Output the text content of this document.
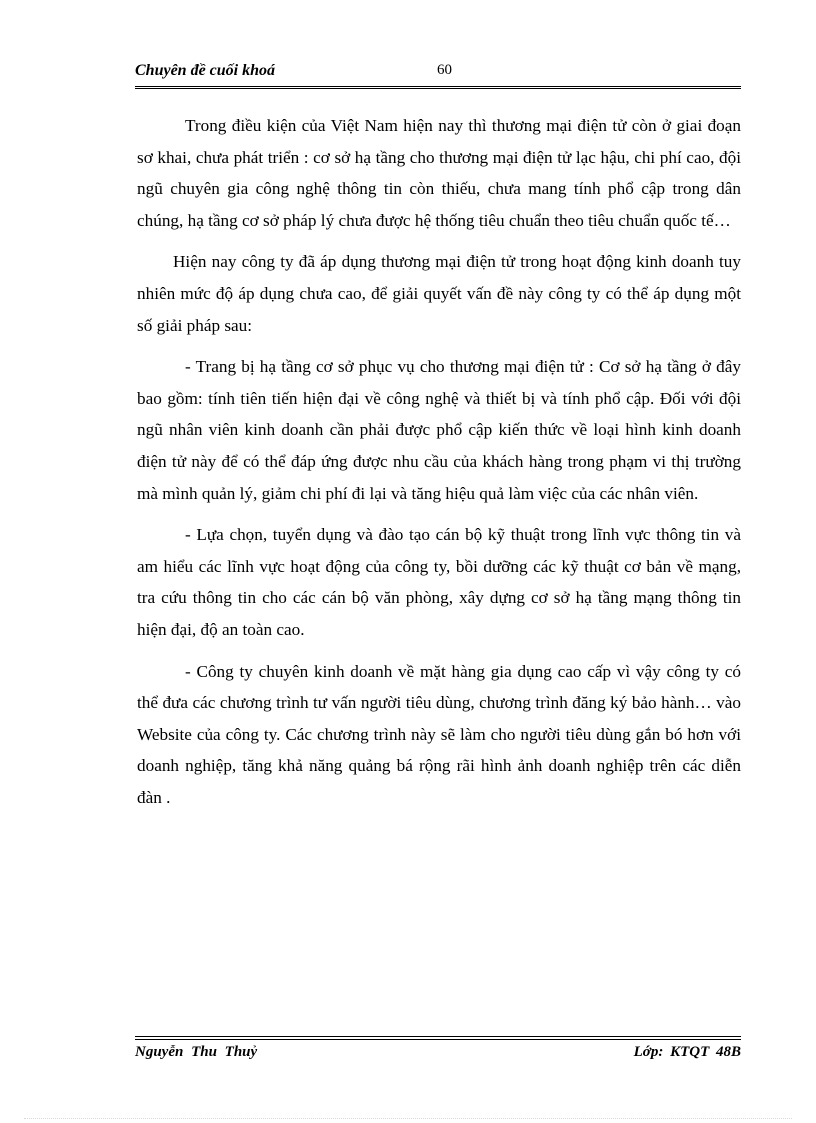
Chuyên đề cuối khoá	60

Trong điều kiện của Việt Nam hiện nay thì thương mại điện tử còn ở giai đoạn sơ khai, chưa phát triển : cơ sở hạ tầng cho thương mại điện tử lạc hậu, chi phí cao, đội ngũ chuyên gia công nghệ thông tin còn thiếu, chưa mang tính phổ cập trong dân chúng, hạ tầng cơ sở pháp lý chưa được hệ thống tiêu chuẩn theo tiêu chuẩn quốc tế…

Hiện nay công ty đã áp dụng thương mại điện tử trong hoạt động kinh doanh tuy nhiên mức độ áp dụng chưa cao, để giải quyết vấn đề này công ty có thể áp dụng một số giải pháp sau:

- Trang bị hạ tầng cơ sở phục vụ cho thương mại điện tử : Cơ sở hạ tầng ở đây bao gồm: tính tiên tiến hiện đại về công nghệ và thiết bị và tính phổ cập. Đối với đội ngũ nhân viên kinh doanh cần phải được phổ cập kiến thức về loại hình kinh doanh điện tử này để có thể đáp ứng được nhu cầu của khách hàng trong phạm vi thị trường mà mình quản lý, giảm chi phí đi lại và tăng hiệu quả làm việc của các nhân viên.

- Lựa chọn, tuyển dụng và đào tạo cán bộ kỹ thuật trong lĩnh vực thông tin và am hiểu các lĩnh vực hoạt động của công ty, bồi dưỡng các kỹ thuật cơ bản về mạng, tra cứu thông tin cho các cán bộ văn phòng, xây dựng cơ sở hạ tầng mạng thông tin hiện đại, độ an toàn cao.

- Công ty chuyên kinh doanh về mặt hàng gia dụng cao cấp vì vậy công ty có thể đưa các chương trình tư vấn người tiêu dùng, chương trình đăng ký bảo hành… vào Website của công ty. Các chương trình này sẽ làm cho người tiêu dùng gắn bó hơn với doanh nghiệp, tăng khả năng quảng bá rộng rãi hình ảnh doanh nghiệp trên các diễn đàn .

Nguyễn Thu Thuỷ	Lớp: KTQT 48B
